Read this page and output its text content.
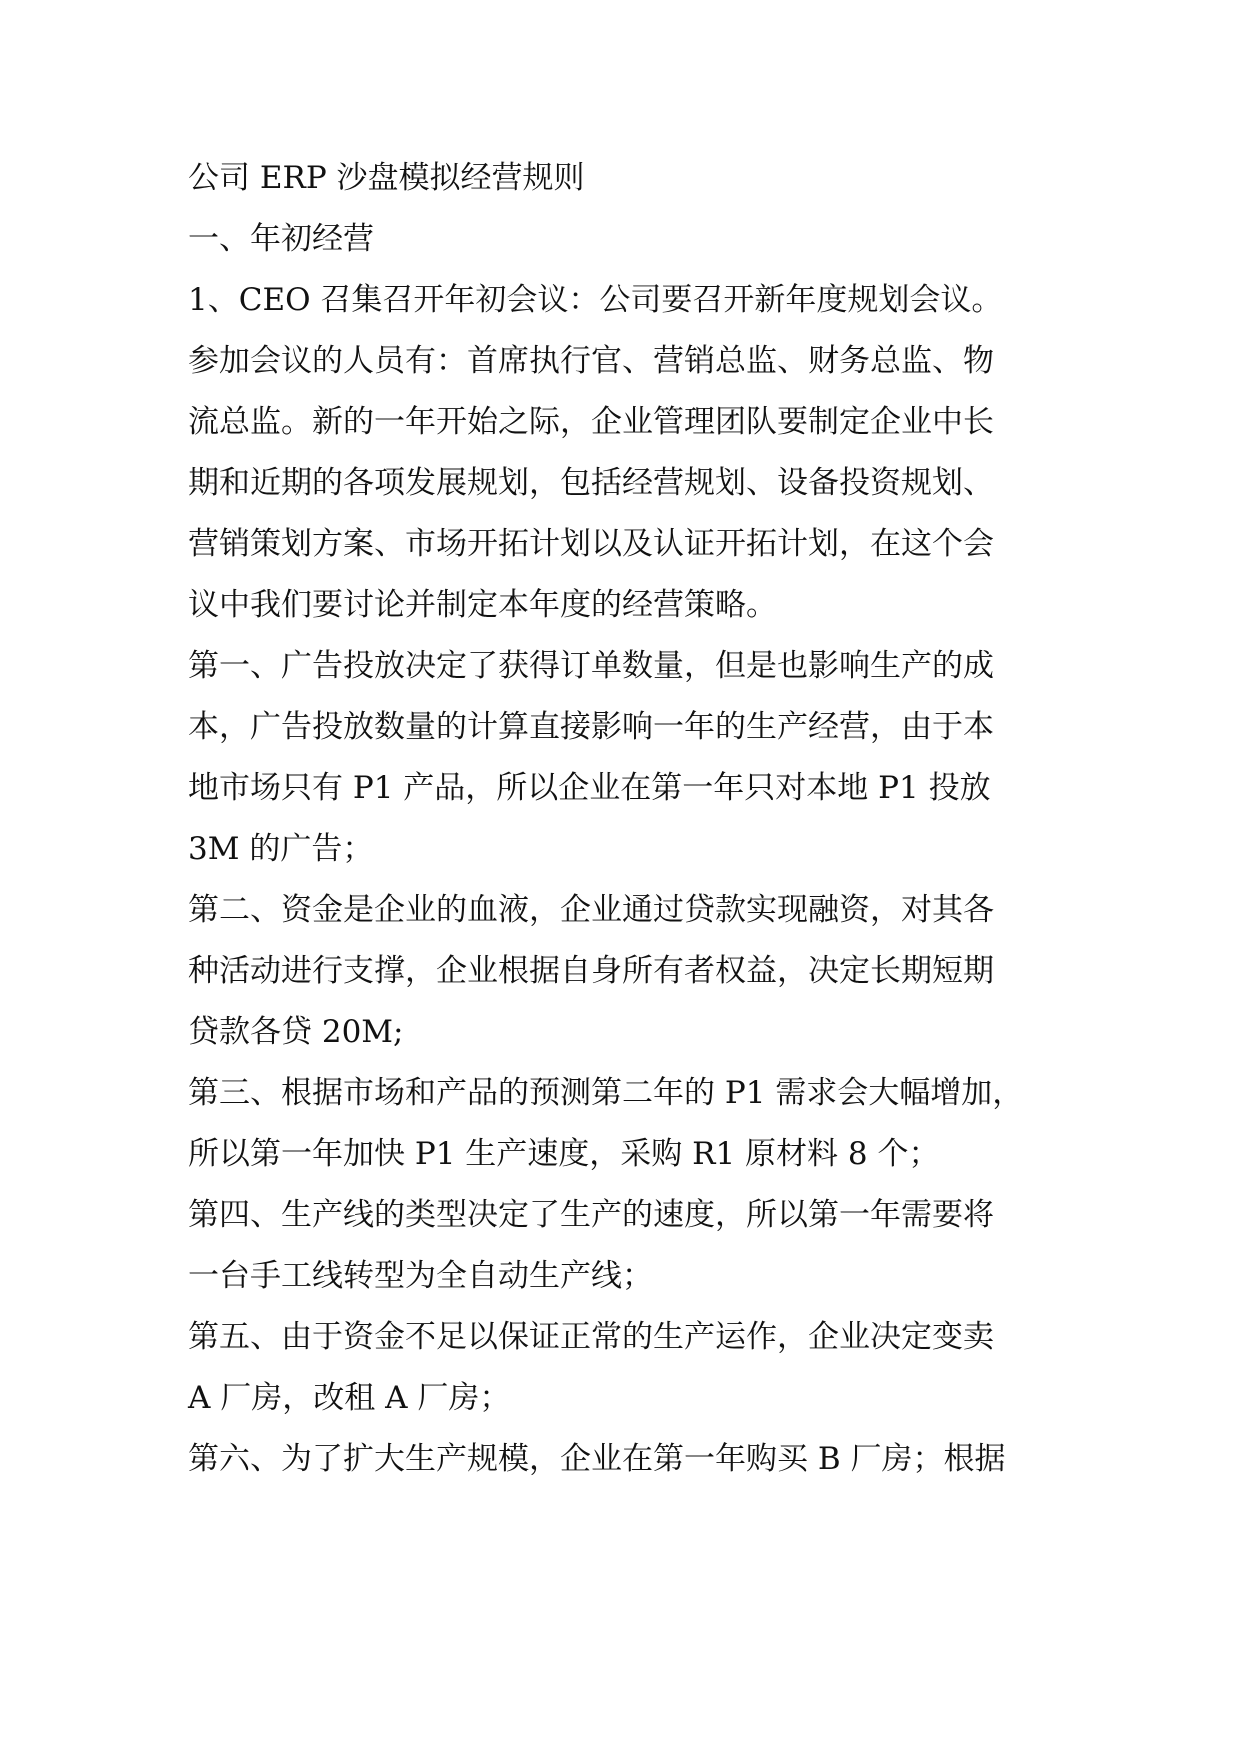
公司 ERP 沙盘模拟经营规则
一、年初经营
1、CEO 召集召开年初会议：公司要召开新年度规划会议。
参加会议的人员有：首席执行官、营销总监、财务总监、物
流总监。新的一年开始之际，企业管理团队要制定企业中长
期和近期的各项发展规划，包括经营规划、设备投资规划、
营销策划方案、市场开拓计划以及认证开拓计划，在这个会
议中我们要讨论并制定本年度的经营策略。
第一、广告投放决定了获得订单数量，但是也影响生产的成
本，广告投放数量的计算直接影响一年的生产经营，由于本
地市场只有 P1 产品，所以企业在第一年只对本地 P1 投放
3M 的广告；
第二、资金是企业的血液，企业通过贷款实现融资，对其各
种活动进行支撑，企业根据自身所有者权益，决定长期短期
贷款各贷 20M;
第三、根据市场和产品的预测第二年的 P1 需求会大幅增加，
所以第一年加快 P1 生产速度，采购 R1 原材料 8 个；
第四、生产线的类型决定了生产的速度，所以第一年需要将
一台手工线转型为全自动生产线；
第五、由于资金不足以保证正常的生产运作，企业决定变卖
A 厂房，改租 A 厂房；
第六、为了扩大生产规模，企业在第一年购买 B 厂房；根据
